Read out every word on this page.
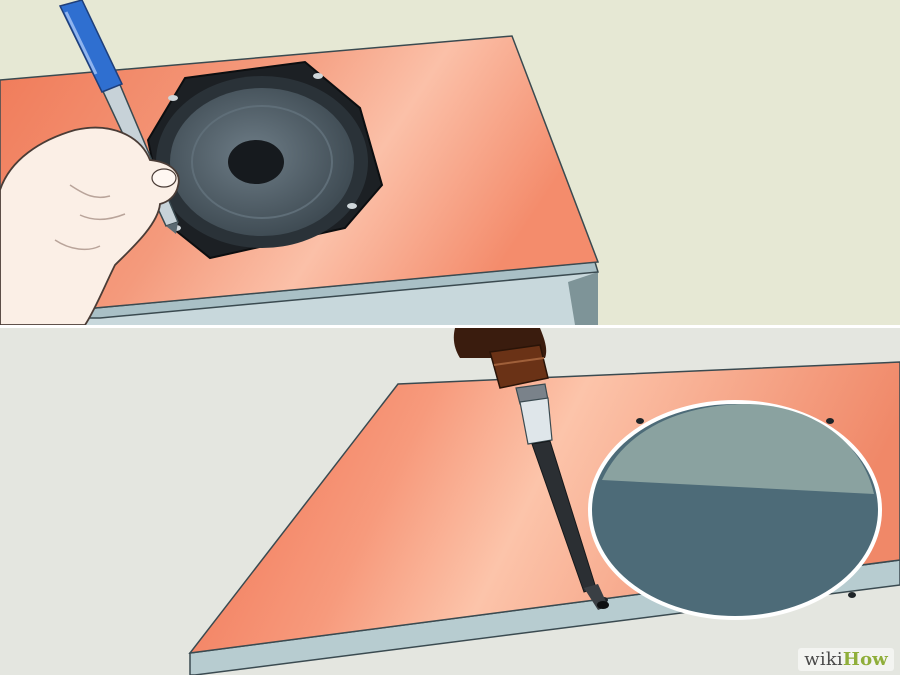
wikiHow
